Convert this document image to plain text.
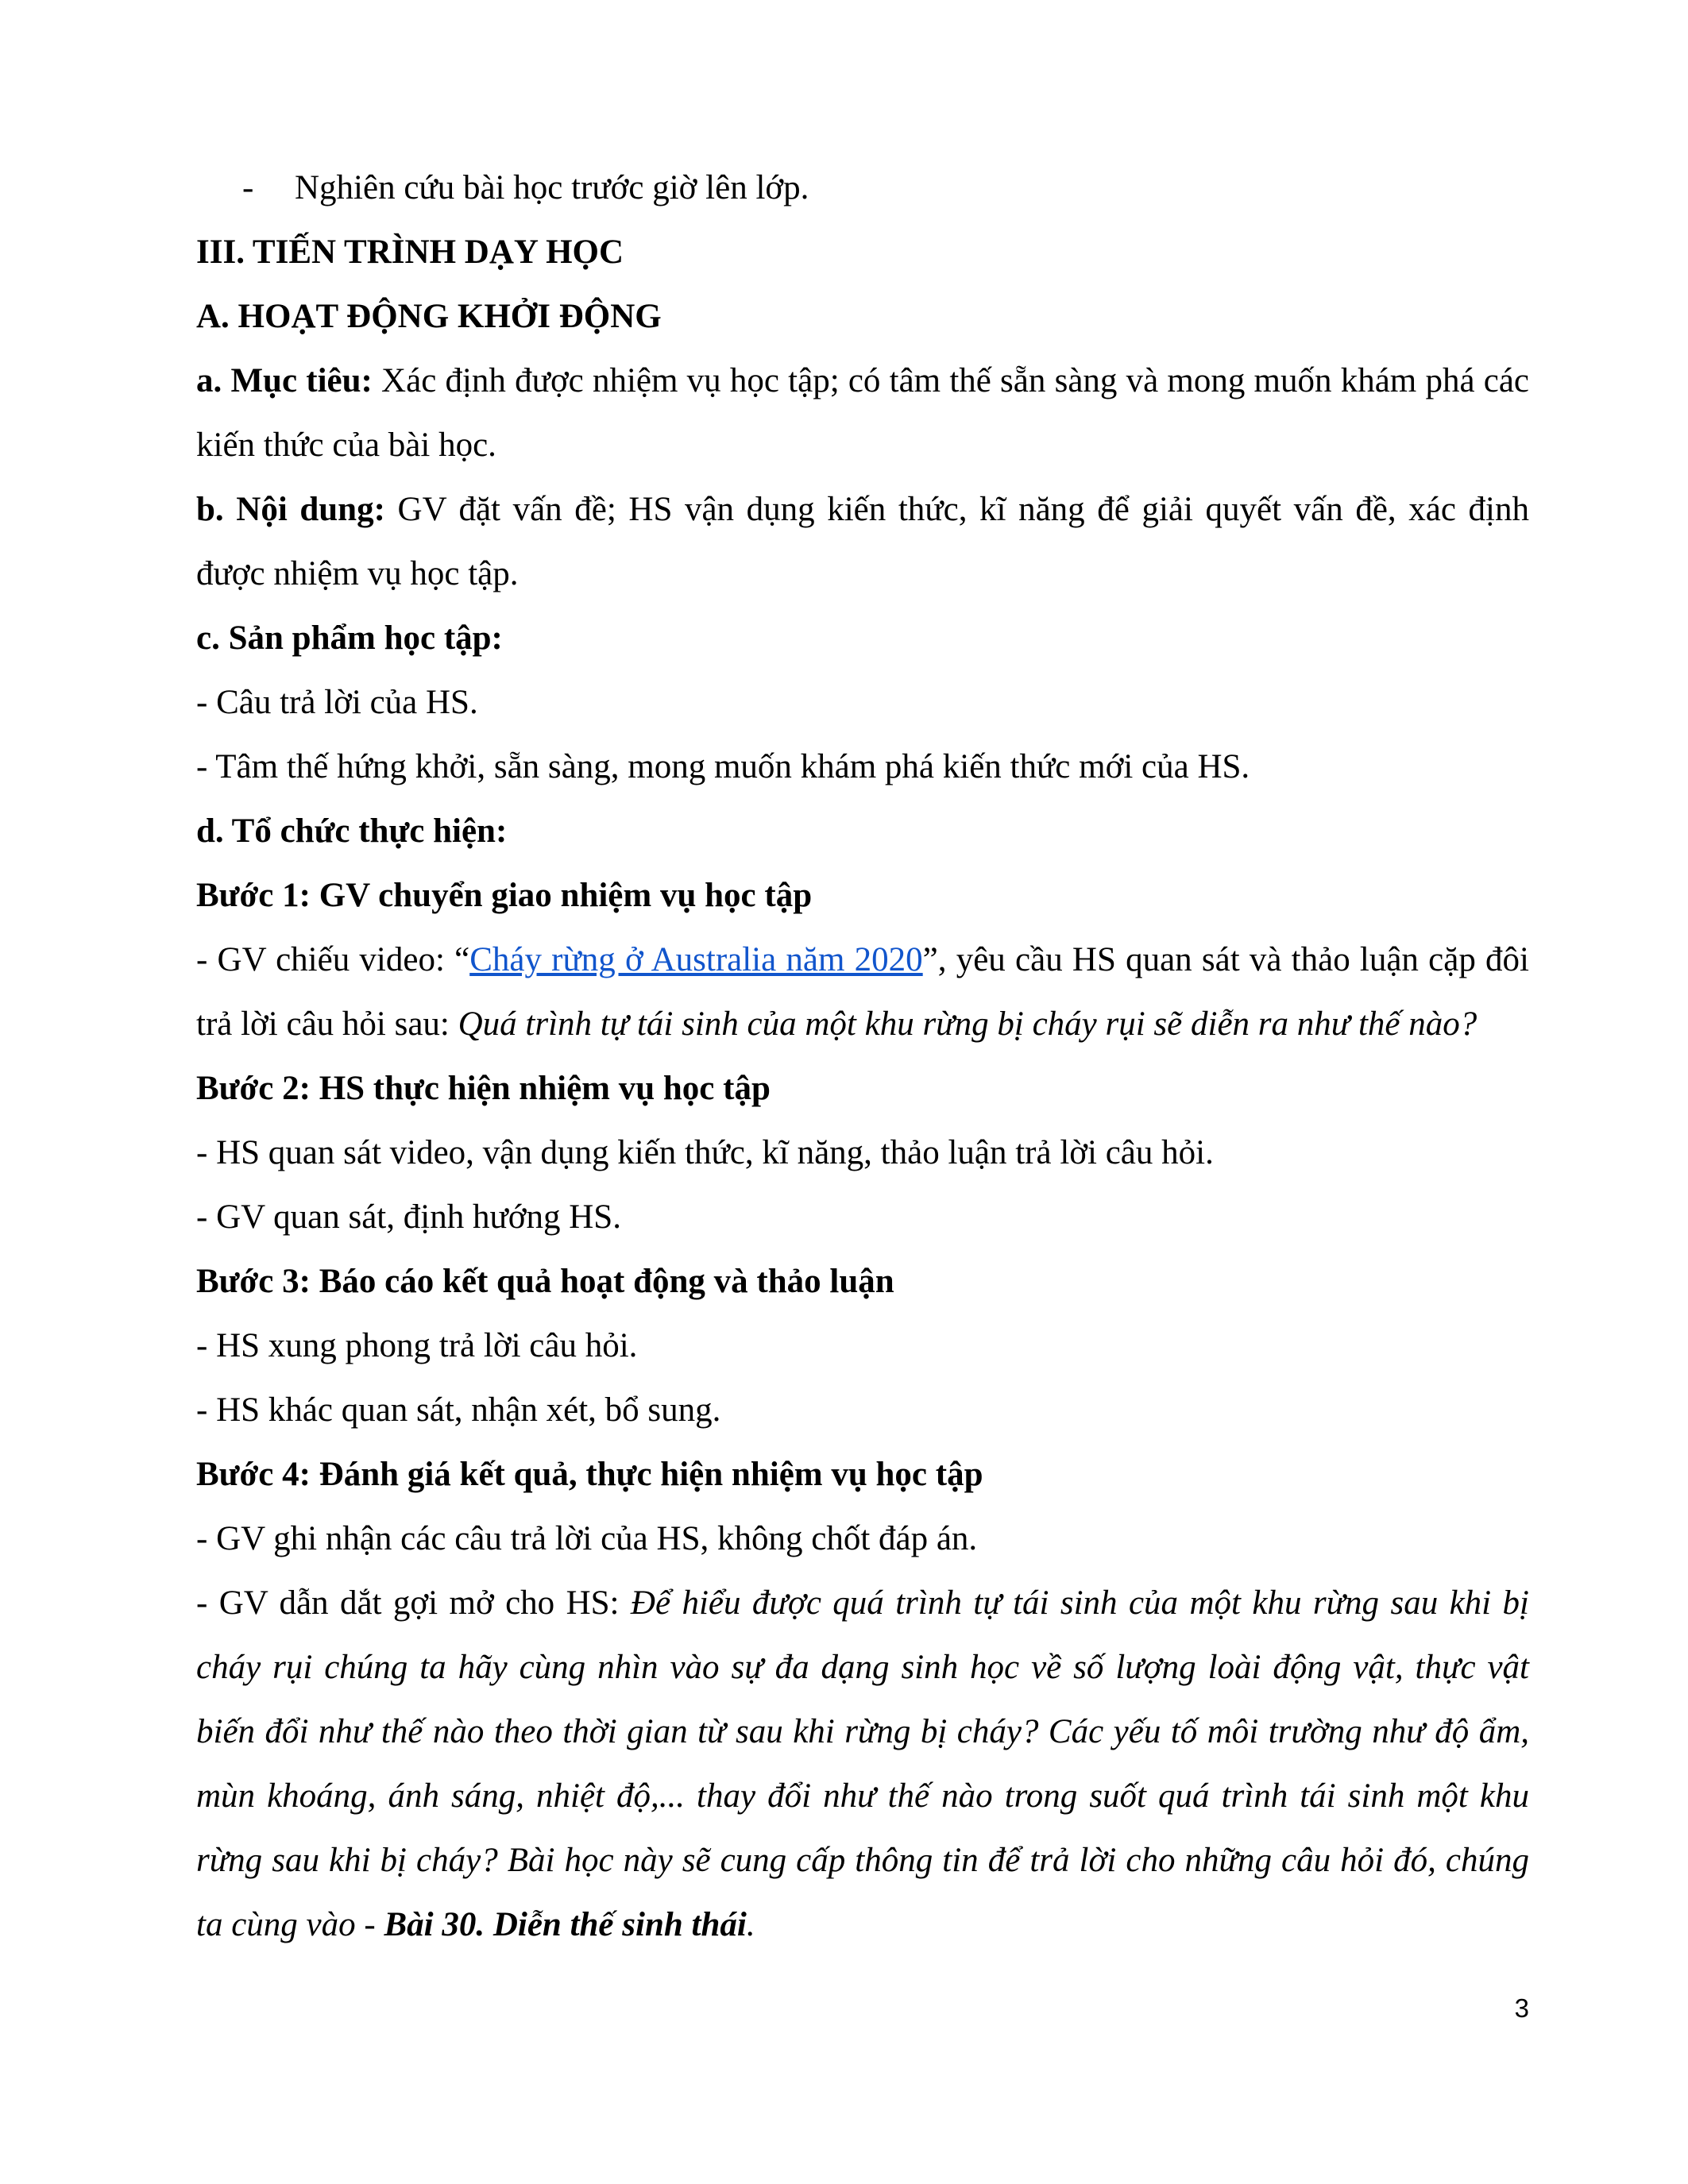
- Nghiên cứu bài học trước giờ lên lớp.

III. TIẾN TRÌNH DẠY HỌC

A. HOẠT ĐỘNG KHỞI ĐỘNG

a. Mục tiêu: Xác định được nhiệm vụ học tập; có tâm thế sẵn sàng và mong muốn khám phá các kiến thức của bài học.

b. Nội dung: GV đặt vấn đề; HS vận dụng kiến thức, kĩ năng để giải quyết vấn đề, xác định được nhiệm vụ học tập.

c. Sản phẩm học tập:

- Câu trả lời của HS.

- Tâm thế hứng khởi, sẵn sàng, mong muốn khám phá kiến thức mới của HS.

d. Tổ chức thực hiện:

Bước 1: GV chuyển giao nhiệm vụ học tập

- GV chiếu video: “Cháy rừng ở Australia năm 2020”, yêu cầu HS quan sát và thảo luận cặp đôi trả lời câu hỏi sau: Quá trình tự tái sinh của một khu rừng bị cháy rụi sẽ diễn ra như thế nào?

Bước 2: HS thực hiện nhiệm vụ học tập

- HS quan sát video, vận dụng kiến thức, kĩ năng, thảo luận trả lời câu hỏi.

- GV quan sát, định hướng HS.

Bước 3: Báo cáo kết quả hoạt động và thảo luận

- HS xung phong trả lời câu hỏi.

- HS khác quan sát, nhận xét, bổ sung.

Bước 4: Đánh giá kết quả, thực hiện nhiệm vụ học tập

- GV ghi nhận các câu trả lời của HS, không chốt đáp án.

- GV dẫn dắt gợi mở cho HS: Để hiểu được quá trình tự tái sinh của một khu rừng sau khi bị cháy rụi chúng ta hãy cùng nhìn vào sự đa dạng sinh học về số lượng loài động vật, thực vật biến đổi như thế nào theo thời gian từ sau khi rừng bị cháy? Các yếu tố môi trường như độ ẩm, mùn khoáng, ánh sáng, nhiệt độ,... thay đổi như thế nào trong suốt quá trình tái sinh một khu rừng sau khi bị cháy? Bài học này sẽ cung cấp thông tin để trả lời cho những câu hỏi đó, chúng ta cùng vào - Bài 30. Diễn thế sinh thái.

3
